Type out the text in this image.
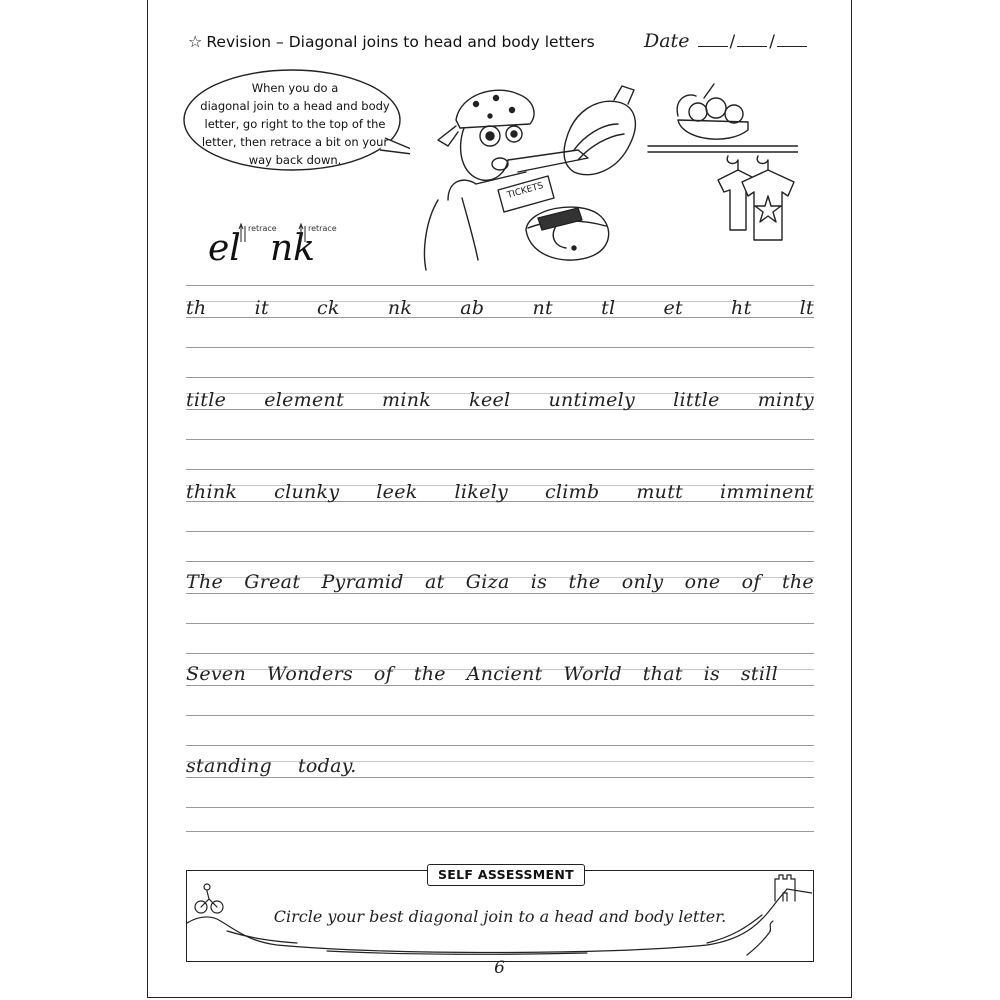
☆ Revision – Diagonal joins to head and body letters	Date / /
When you do a
diagonal join to a head and body
letter, go right to the top of the
letter, then retrace a bit on your
way back down.
TICKETS
el nk
retrace	retrace
th	it	ck	nk	ab	nt	tl	et	ht	lt
title element mink keel untimely little minty
think clunky leek likely climb mutt imminent
The Great Pyramid at Giza is the only one of the
Seven Wonders of the Ancient World that is still
standing today.
SELF ASSESSMENT
Circle your best diagonal join to a head and body letter.
6
